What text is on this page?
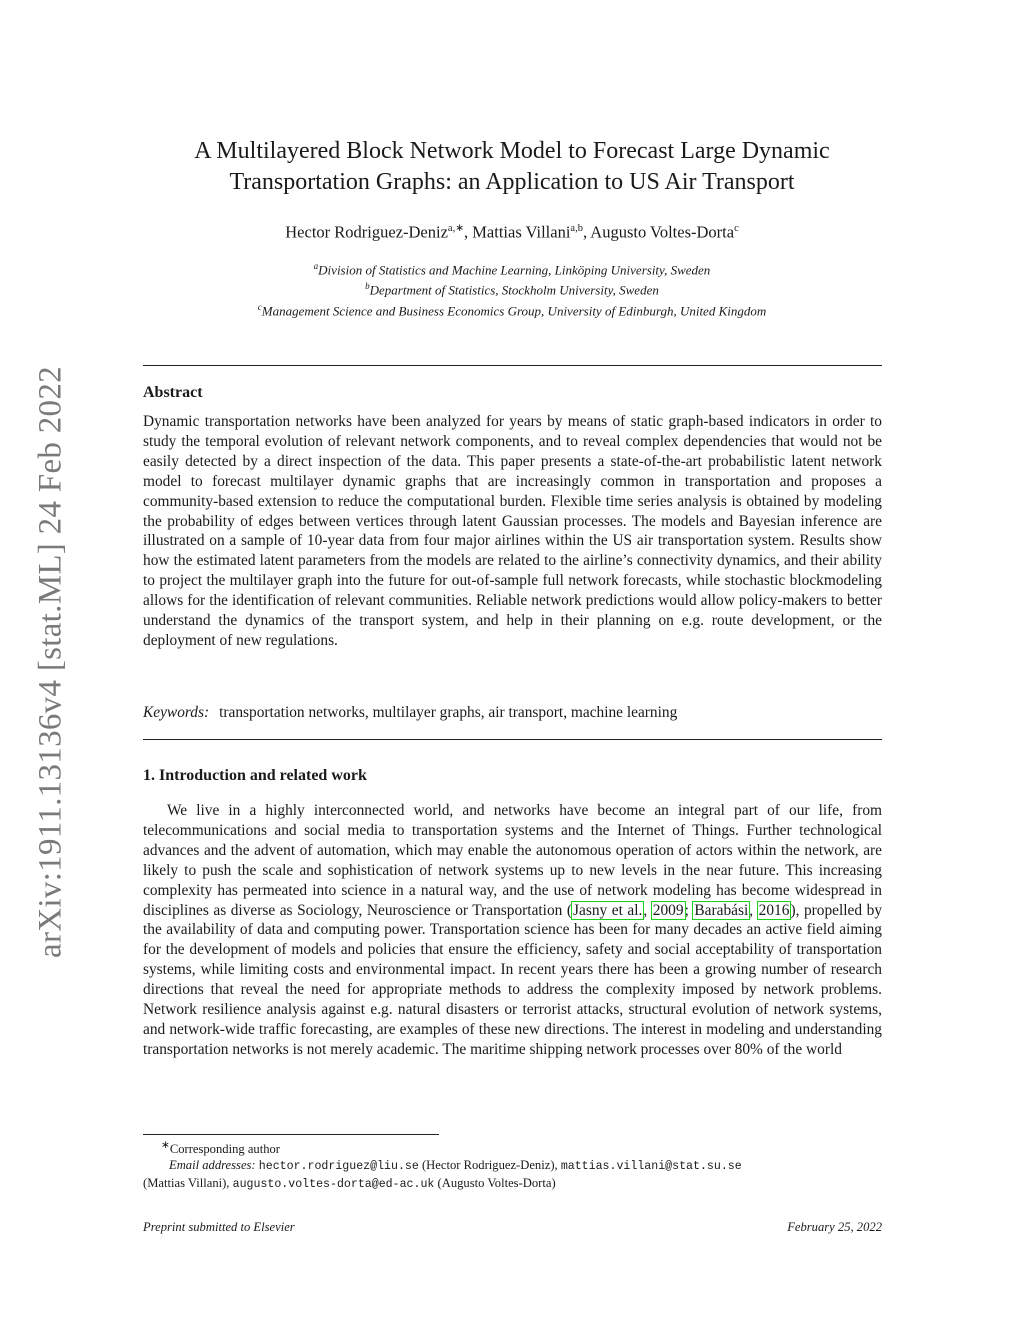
arXiv:1911.13136v4 [stat.ML] 24 Feb 2022
A Multilayered Block Network Model to Forecast Large Dynamic
Transportation Graphs: an Application to US Air Transport
Hector Rodriguez-Deniz$^{a,∗}$, Mattias Villani$^{a,b}$, Augusto Voltes-Dorta$^c$
$^a$Division of Statistics and Machine Learning, Linköping University, Sweden
$^b$Department of Statistics, Stockholm University, Sweden
$^c$Management Science and Business Economics Group, University of Edinburgh, United Kingdom
Abstract
Dynamic transportation networks have been analyzed for years by means of static graph-based indicators in order to study the temporal evolution of relevant network components, and to reveal complex dependencies that would not be easily detected by a direct inspection of the data. This paper presents a state-of-the-art probabilistic latent network model to forecast multilayer dynamic graphs that are increasingly common in transportation and proposes a community-based extension to reduce the computational burden. Flexible time series analysis is obtained by modeling the probability of edges between vertices through latent Gaussian processes. The models and Bayesian inference are illustrated on a sample of 10-year data from four major airlines within the US air transportation system. Results show how the estimated latent parameters from the models are related to the airline’s connectivity dynamics, and their ability to project the multilayer graph into the future for out-of-sample full network forecasts, while stochastic blockmodeling allows for the identification of relevant communities. Reliable network predictions would allow policy-makers to better understand the dynamics of the transport system, and help in their planning on e.g. route development, or the deployment of new regulations.
Keywords: transportation networks, multilayer graphs, air transport, machine learning
1. Introduction and related work
We live in a highly interconnected world, and networks have become an integral part of our life, from telecommunications and social media to transportation systems and the Internet of Things. Further technological advances and the advent of automation, which may enable the autonomous operation of actors within the network, are likely to push the scale and sophistication of network systems up to new levels in the near future. This increasing complexity has permeated into science in a natural way, and the use of network modeling has become widespread in disciplines as diverse as Sociology, Neuroscience or Transportation (Jasny et al., 2009; Barabási, 2016), propelled by the availability of data and computing power. Transportation science has been for many decades an active field aiming for the development of models and policies that ensure the efficiency, safety and social acceptability of transportation systems, while limiting costs and environmental impact. In recent years there has been a growing number of research directions that reveal the need for appropriate methods to address the complexity imposed by network problems. Network resilience analysis against e.g. natural disasters or terrorist attacks, structural evolution of network systems, and network-wide traffic forecasting, are examples of these new directions. The interest in modeling and understanding transportation networks is not merely academic. The maritime shipping network processes over 80% of the world
∗Corresponding author
Email addresses: hector.rodriguez@liu.se (Hector Rodriguez-Deniz), mattias.villani@stat.su.se
(Mattias Villani), augusto.voltes-dorta@ed-ac.uk (Augusto Voltes-Dorta)
Preprint submitted to Elsevier	February 25, 2022
